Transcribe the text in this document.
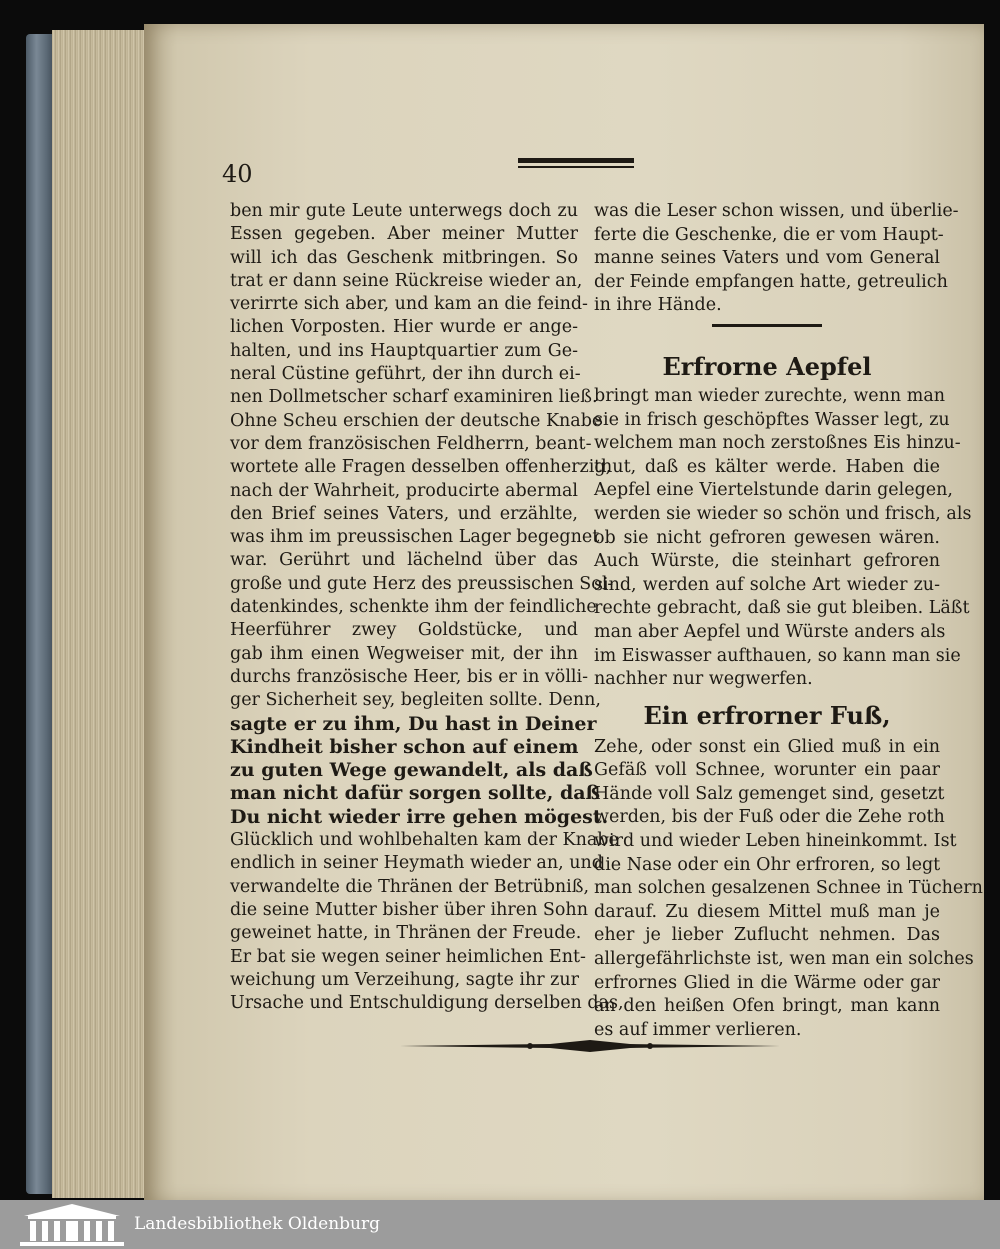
40
ben mir gute Leute unterwegs doch zu
Essen gegeben. Aber meiner Mutter
will ich das Geschenk mitbringen. So
trat er dann seine Rückreise wieder an,
verirrte sich aber, und kam an die feind-
lichen Vorposten. Hier wurde er ange-
halten, und ins Hauptquartier zum Ge-
neral Cüstine geführt, der ihn durch ei-
nen Dollmetscher scharf examiniren ließ.
Ohne Scheu erschien der deutsche Knabe
vor dem französischen Feldherrn, beant-
wortete alle Fragen desselben offenherzig,
nach der Wahrheit, producirte abermal
den Brief seines Vaters, und erzählte,
was ihm im preussischen Lager begegnet
war. Gerührt und lächelnd über das
große und gute Herz des preussischen Sol-
datenkindes, schenkte ihm der feindliche
Heerführer zwey Goldstücke, und
gab ihm einen Wegweiser mit, der ihn
durchs französische Heer, bis er in völli-
ger Sicherheit sey, begleiten sollte. Denn,
sagte er zu ihm, Du hast in Deiner
Kindheit bisher schon auf einem
zu guten Wege gewandelt, als daß
man nicht dafür sorgen sollte, daß
Du nicht wieder irre gehen mögest.
Glücklich und wohlbehalten kam der Knabe
endlich in seiner Heymath wieder an, und
verwandelte die Thränen der Betrübniß,
die seine Mutter bisher über ihren Sohn
geweinet hatte, in Thränen der Freude.
Er bat sie wegen seiner heimlichen Ent-
weichung um Verzeihung, sagte ihr zur
Ursache und Entschuldigung derselben das,
was die Leser schon wissen, und überlie-
ferte die Geschenke, die er vom Haupt-
manne seines Vaters und vom General
der Feinde empfangen hatte, getreulich
in ihre Hände.
Erfrorne Aepfel
bringt man wieder zurechte, wenn man
sie in frisch geschöpftes Wasser legt, zu
welchem man noch zerstoßnes Eis hinzu-
thut, daß es kälter werde. Haben die
Aepfel eine Viertelstunde darin gelegen,
werden sie wieder so schön und frisch, als
ob sie nicht gefroren gewesen wären.
Auch Würste, die steinhart gefroren
sind, werden auf solche Art wieder zu-
rechte gebracht, daß sie gut bleiben. Läßt
man aber Aepfel und Würste anders als
im Eiswasser aufthauen, so kann man sie
nachher nur wegwerfen.
Ein erfrorner Fuß,
Zehe, oder sonst ein Glied muß in ein
Gefäß voll Schnee, worunter ein paar
Hände voll Salz gemenget sind, gesetzt
werden, bis der Fuß oder die Zehe roth
wird und wieder Leben hineinkommt. Ist
die Nase oder ein Ohr erfroren, so legt
man solchen gesalzenen Schnee in Tüchern
darauf. Zu diesem Mittel muß man je
eher je lieber Zuflucht nehmen. Das
allergefährlichste ist, wen man ein solches
erfrornes Glied in die Wärme oder gar
an den heißen Ofen bringt, man kann
es auf immer verlieren.
Landesbibliothek Oldenburg
